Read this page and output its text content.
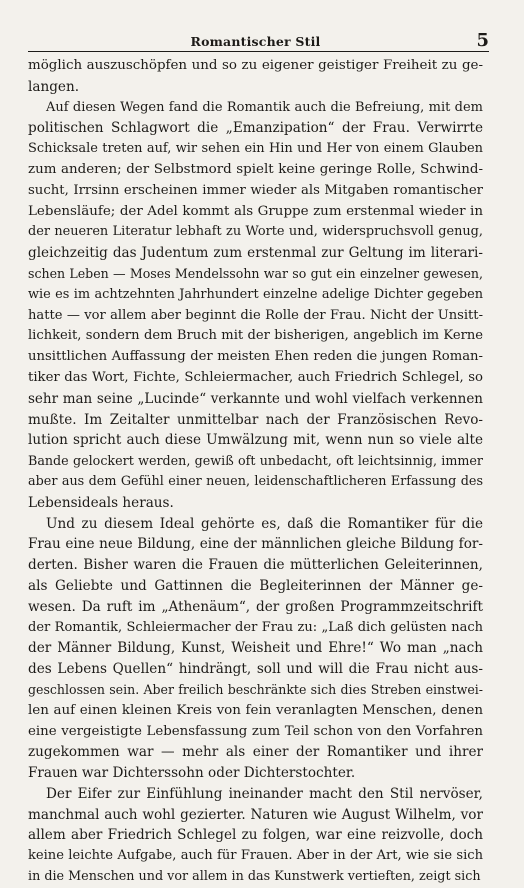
Romantischer Stil	5
möglich auszuschöpfen und so zu eigener geistiger Freiheit zu ge-
langen.
Auf diesen Wegen fand die Romantik auch die Befreiung, mit dem
politischen Schlagwort die „Emanzipation“ der Frau. Verwirrte
Schicksale treten auf, wir sehen ein Hin und Her von einem Glauben
zum anderen; der Selbstmord spielt keine geringe Rolle, Schwind-
sucht, Irrsinn erscheinen immer wieder als Mitgaben romantischer
Lebensläufe; der Adel kommt als Gruppe zum erstenmal wieder in
der neueren Literatur lebhaft zu Worte und, widerspruchsvoll genug,
gleichzeitig das Judentum zum erstenmal zur Geltung im literari-
schen Leben — Moses Mendelssohn war so gut ein einzelner gewesen,
wie es im achtzehnten Jahrhundert einzelne adelige Dichter gegeben
hatte — vor allem aber beginnt die Rolle der Frau. Nicht der Unsitt-
lichkeit, sondern dem Bruch mit der bisherigen, angeblich im Kerne
unsittlichen Auffassung der meisten Ehen reden die jungen Roman-
tiker das Wort, Fichte, Schleiermacher, auch Friedrich Schlegel, so
sehr man seine „Lucinde“ verkannte und wohl vielfach verkennen
mußte. Im Zeitalter unmittelbar nach der Französischen Revo-
lution spricht auch diese Umwälzung mit, wenn nun so viele alte
Bande gelockert werden, gewiß oft unbedacht, oft leichtsinnig, immer
aber aus dem Gefühl einer neuen, leidenschaftlicheren Erfassung des
Lebensideals heraus.
Und zu diesem Ideal gehörte es, daß die Romantiker für die
Frau eine neue Bildung, eine der männlichen gleiche Bildung for-
derten. Bisher waren die Frauen die mütterlichen Geleiterinnen,
als Geliebte und Gattinnen die Begleiterinnen der Männer ge-
wesen. Da ruft im „Athenäum“, der großen Programmzeitschrift
der Romantik, Schleiermacher der Frau zu: „Laß dich gelüsten nach
der Männer Bildung, Kunst, Weisheit und Ehre!“ Wo man „nach
des Lebens Quellen“ hindrängt, soll und will die Frau nicht aus-
geschlossen sein. Aber freilich beschränkte sich dies Streben einstwei-
len auf einen kleinen Kreis von fein veranlagten Menschen, denen
eine vergeistigte Lebensfassung zum Teil schon von den Vorfahren
zugekommen war — mehr als einer der Romantiker und ihrer
Frauen war Dichterssohn oder Dichterstochter.
Der Eifer zur Einfühlung ineinander macht den Stil nervöser,
manchmal auch wohl gezierter. Naturen wie August Wilhelm, vor
allem aber Friedrich Schlegel zu folgen, war eine reizvolle, doch
keine leichte Aufgabe, auch für Frauen. Aber in der Art, wie sie sich
in die Menschen und vor allem in das Kunstwerk vertieften, zeigt sich
